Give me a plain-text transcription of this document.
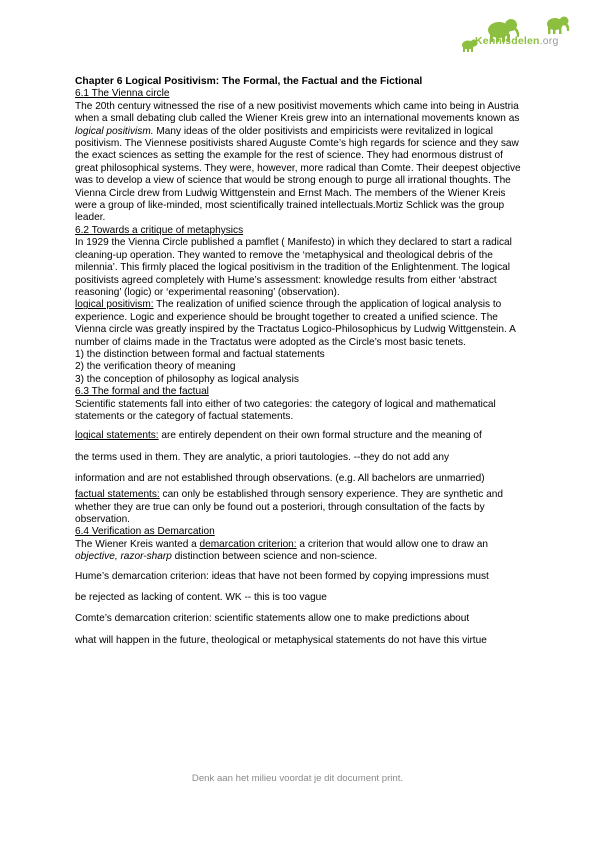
Kennisdelen.org
Chapter 6 Logical Positivism: The Formal, the Factual and the Fictional
6.1 The Vienna circle

The 20th century witnessed the rise of a new positivist movements which came into being in Austria when a small debating club called the Wiener Kreis grew into an international movements known as logical positivism. Many ideas of the older positivists and empiricists were revitalized in logical positivism. The Viennese positivists shared Auguste Comte’s high regards for science and they saw the exact sciences as setting the example for the rest of science. They had enormous distrust of great philosophical systems. They were, however, more radical than Comte. Their deepest objective was to develop a view of science that would be strong enough to purge all irrational thoughts. The Vienna Circle drew from Ludwig Wittgenstein and Ernst Mach. The members of the Wiener Kreis were a group of like-minded, most scientifically trained intellectuals.Mortiz Schlick was the group leader.

6.2 Towards a critique of metaphysics

In 1929 the Vienna Circle published a pamflet ( Manifesto) in which they declared to start a radical cleaning-up operation. They wanted to remove the ‘metaphysical and theological debris of the milennia’. This firmly placed the logical positivism in the tradition of the Enlightenment. The logical positivists agreed completely with Hume’s assessment: knowledge results from either ‘abstract reasoning’ (logic) or ‘experimental reasoning’ (observation).

logical positivism: The realization of unified science through the application of logical analysis to experience. Logic and experience should be brought together to created a unified science. The Vienna circle was greatly inspired by the Tractatus Logico-Philosophicus by Ludwig Wittgenstein. A number of claims made in the Tractatus were adopted as the Circle’s most basic tenets.

1) the distinction between formal and factual statements
2) the verification theory of meaning
3) the conception of philosophy as logical analysis
6.3 The formal and the factual

Scientific statements fall into either of two categories: the category of logical and mathematical statements or the category of factual statements.

logical statements: are entirely dependent on their own formal structure and the meaning of
the terms used in them. They are analytic, a priori tautologies. --they do not add any
information and are not established through observations. (e.g. All bachelors are unmarried)

factual statements: can only be established through sensory experience. They are synthetic and whether they are true can only be found out a posteriori, through consultation of the facts by observation.

6.4 Verification as Demarcation

The Wiener Kreis wanted a demarcation criterion: a criterion that would allow one to draw an objective, razor-sharp distinction between science and non-science.

Hume’s demarcation criterion: ideas that have not been formed by copying impressions must
be rejected as lacking of content. WK -- this is too vague
Comte’s demarcation criterion: scientific statements allow one to make predictions about
what will happen in the future, theological or metaphysical statements do not have this virtue
Denk aan het milieu voordat je dit document print.
